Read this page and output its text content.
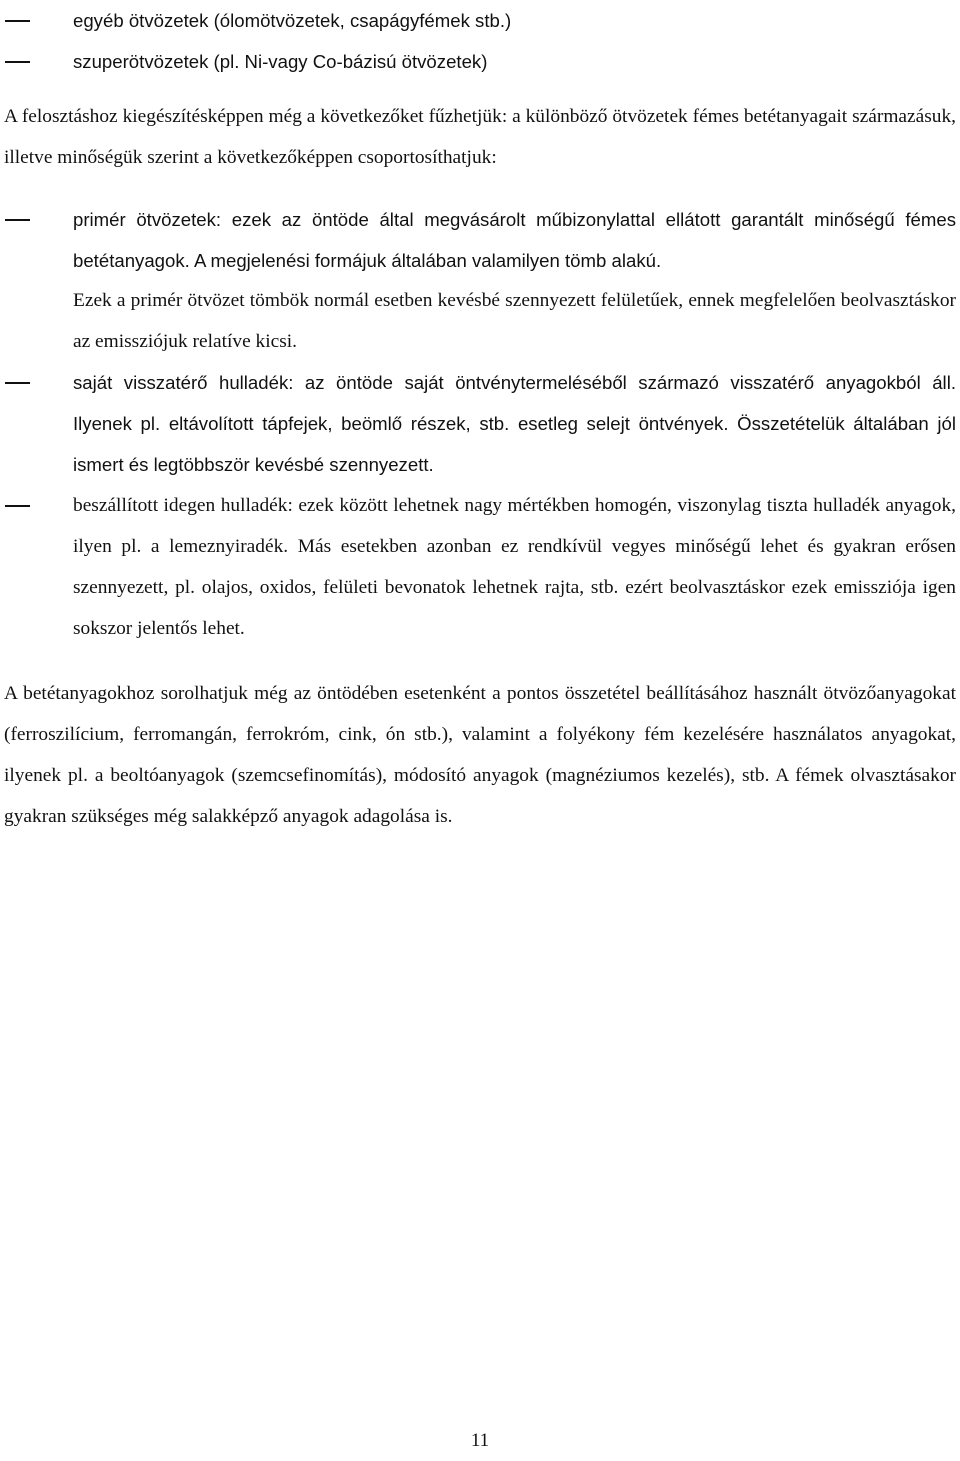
egyéb ötvözetek (ólomötvözetek, csapágyfémek stb.)
szuperötvözetek (pl. Ni-vagy Co-bázisú ötvözetek)

A felosztáshoz kiegészítésképpen még a következőket fűzhetjük: a különböző ötvözetek fémes betétanyagait származásuk, illetve minőségük szerint a következőképpen csoportosíthatjuk:

primér ötvözetek: ezek az öntöde által megvásárolt műbizonylattal ellátott garantált minőségű fémes betétanyagok. A megjelenési formájuk általában valamilyen tömb alakú.
Ezek a primér ötvözet tömbök normál esetben kevésbé szennyezett felületűek, ennek megfelelően beolvasztáskor az emissziójuk relatíve kicsi.
saját visszatérő hulladék: az öntöde saját öntvénytermeléséből származó visszatérő anyagokból áll. Ilyenek pl. eltávolított tápfejek, beömlő részek, stb. esetleg selejt öntvények. Összetételük általában jól ismert és legtöbbször kevésbé szennyezett.
beszállított idegen hulladék: ezek között lehetnek nagy mértékben homogén, viszonylag tiszta hulladék anyagok, ilyen pl. a lemeznyiradék. Más esetekben azonban ez rendkívül vegyes minőségű lehet és gyakran erősen szennyezett, pl. olajos, oxidos, felületi bevonatok lehetnek rajta, stb. ezért beolvasztáskor ezek emissziója igen sokszor jelentős lehet.

A betétanyagokhoz sorolhatjuk még az öntödében esetenként a pontos összetétel beállításához használt ötvözőanyagokat (ferroszilícium, ferromangán, ferrokróm, cink, ón stb.), valamint a folyékony fém kezelésére használatos anyagokat, ilyenek pl. a beoltóanyagok (szemcsefinomítás), módosító anyagok (magnéziumos kezelés), stb. A fémek olvasztásakor gyakran szükséges még salakképző anyagok adagolása is.

11
